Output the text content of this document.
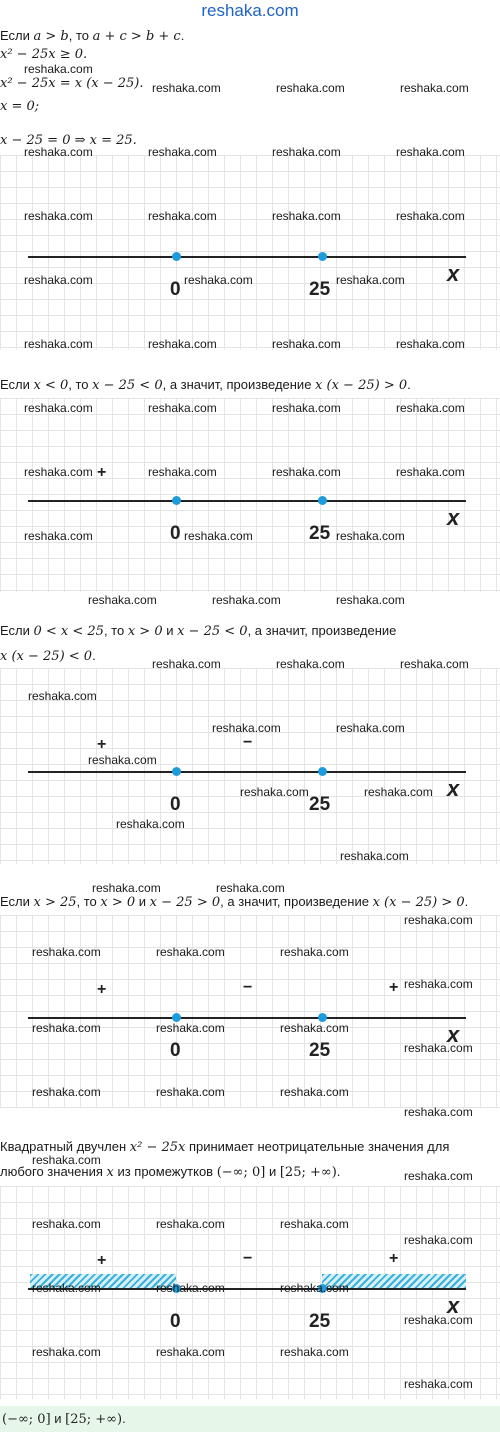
reshaka.com
Если a > b, то a + c > b + c.
x² − 25x ≥ 0.
x² − 25x = x (x − 25).
x = 0;
x − 25 = 0 ⇒ x = 25.
0	25
x
Если x < 0, то x − 25 < 0, а значит, произведение x (x − 25) > 0.
0	25
x
+
Если 0 < x < 25, то x > 0 и x − 25 < 0, а значит, произведение
x (x − 25) < 0.
0	25
x
+	−
Если x > 25, то x > 0 и x − 25 > 0, а значит, произведение x (x − 25) > 0.
0	25
x
+	−	+
Квадратный двучлен x² − 25x принимает неотрицательные значения для
любого значения x из промежутков (−∞; 0] и [25; +∞).
0	25
x
+	−	+
(−∞; 0] и [25; +∞).
reshaka.com
reshaka.com	reshaka.com	reshaka.com
reshaka.com	reshaka.com	reshaka.com	reshaka.com
reshaka.com	reshaka.com	reshaka.com	reshaka.com
reshaka.com	reshaka.com	reshaka.com
reshaka.com	reshaka.com	reshaka.com	reshaka.com
reshaka.com	reshaka.com	reshaka.com	reshaka.com
reshaka.com	reshaka.com	reshaka.com	reshaka.com
reshaka.com	reshaka.com	reshaka.com
reshaka.com	reshaka.com	reshaka.com
reshaka.com	reshaka.com	reshaka.com
reshaka.com
reshaka.com	reshaka.com
reshaka.com
reshaka.com	reshaka.com
reshaka.com
reshaka.com
reshaka.com	reshaka.com
reshaka.com
reshaka.com	reshaka.com	reshaka.com
reshaka.com
reshaka.com	reshaka.com	reshaka.com
reshaka.com
reshaka.com	reshaka.com	reshaka.com
reshaka.com
reshaka.com
reshaka.com
reshaka.com	reshaka.com	reshaka.com
reshaka.com
reshaka.com	reshaka.com	reshaka.com
reshaka.com
reshaka.com	reshaka.com	reshaka.com
reshaka.com
